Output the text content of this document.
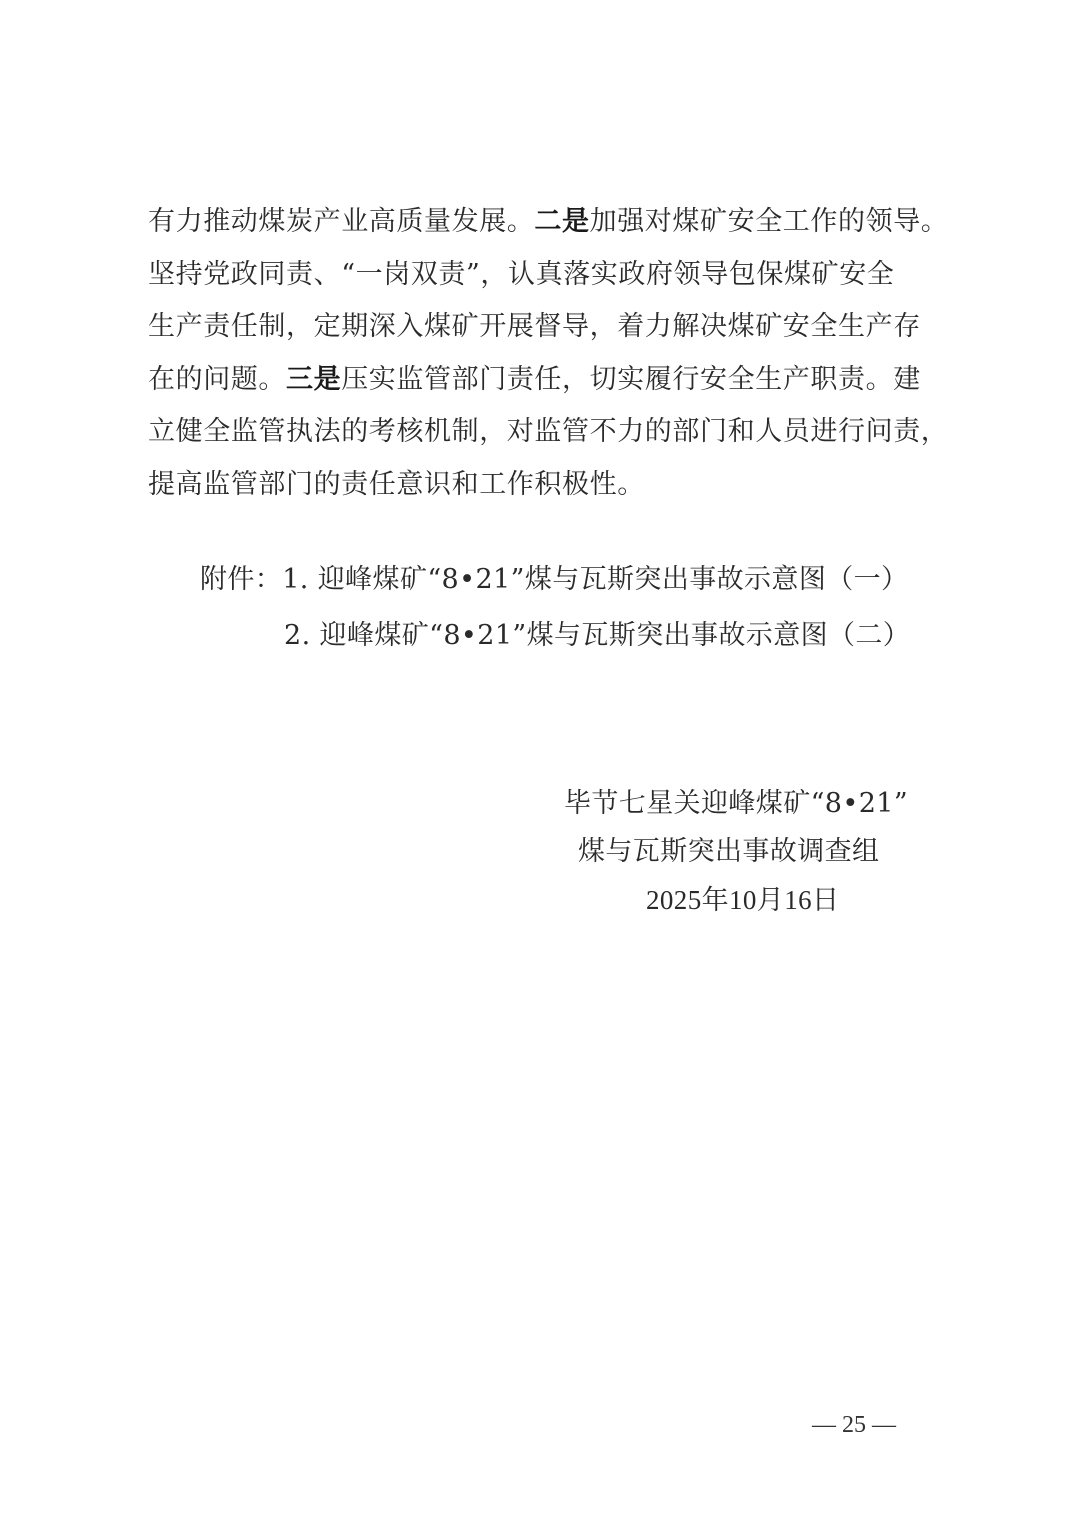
有力推动煤炭产业高质量发展。二是加强对煤矿安全工作的领导。
坚持党政同责、“一岗双责”，认真落实政府领导包保煤矿安全
生产责任制，定期深入煤矿开展督导，着力解决煤矿安全生产存
在的问题。三是压实监管部门责任，切实履行安全生产职责。建
立健全监管执法的考核机制，对监管不力的部门和人员进行问责，
提高监管部门的责任意识和工作积极性。
附件：1. 迎峰煤矿“8•21”煤与瓦斯突出事故示意图（一）
2. 迎峰煤矿“8•21”煤与瓦斯突出事故示意图（二）
毕节七星关迎峰煤矿“8•21”
煤与瓦斯突出事故调查组
2025年10月16日
— 25 —
